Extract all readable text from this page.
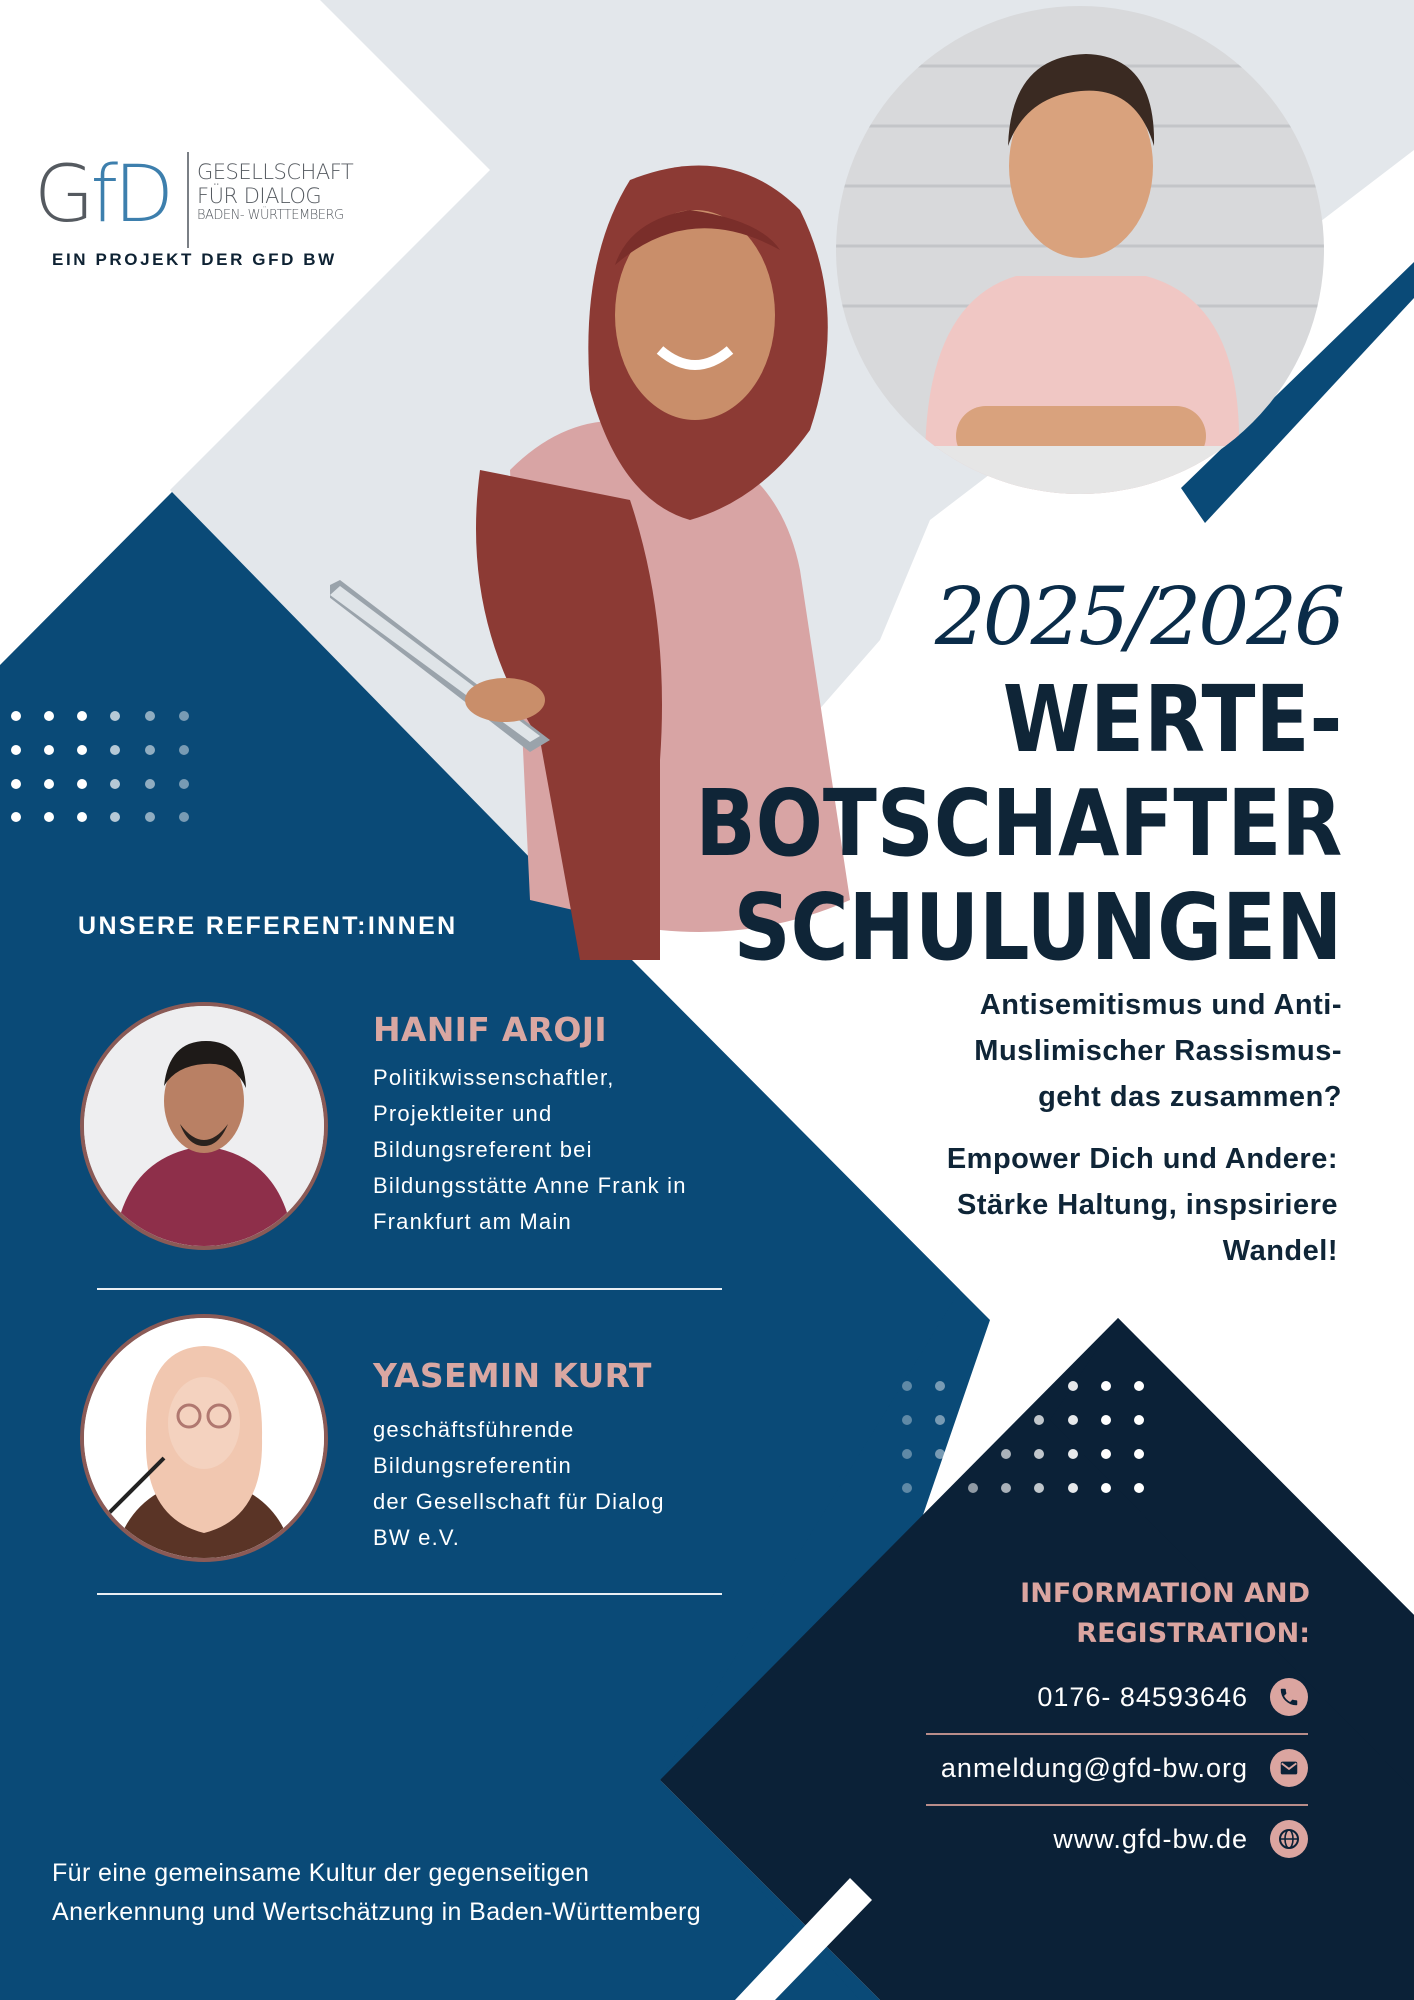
GfD GESELLSCHAFT
FÜR DIALOG
BADEN- WÜRTTEMBERG
EIN PROJEKT DER GFD BW
2025/2026
WERTE-
BOTSCHAFTER
SCHULUNGEN
Antisemitismus und Anti-
Muslimischer Rassismus-
geht das zusammen?
Empower Dich und Andere:
Stärke Haltung, inspsiriere
Wandel!
UNSERE REFERENT:INNEN
HANIF AROJI
Politikwissenschaftler,
Projektleiter und
Bildungsreferent bei
Bildungsstätte Anne Frank in
Frankfurt am Main
YASEMIN KURT
geschäftsführende
Bildungsreferentin
der Gesellschaft für Dialog
BW e.V.
INFORMATION AND
REGISTRATION:
0176- 84593646
anmeldung@gfd-bw.org
www.gfd-bw.de
Für eine gemeinsame Kultur der gegenseitigen
Anerkennung und Wertschätzung in Baden-Württemberg
